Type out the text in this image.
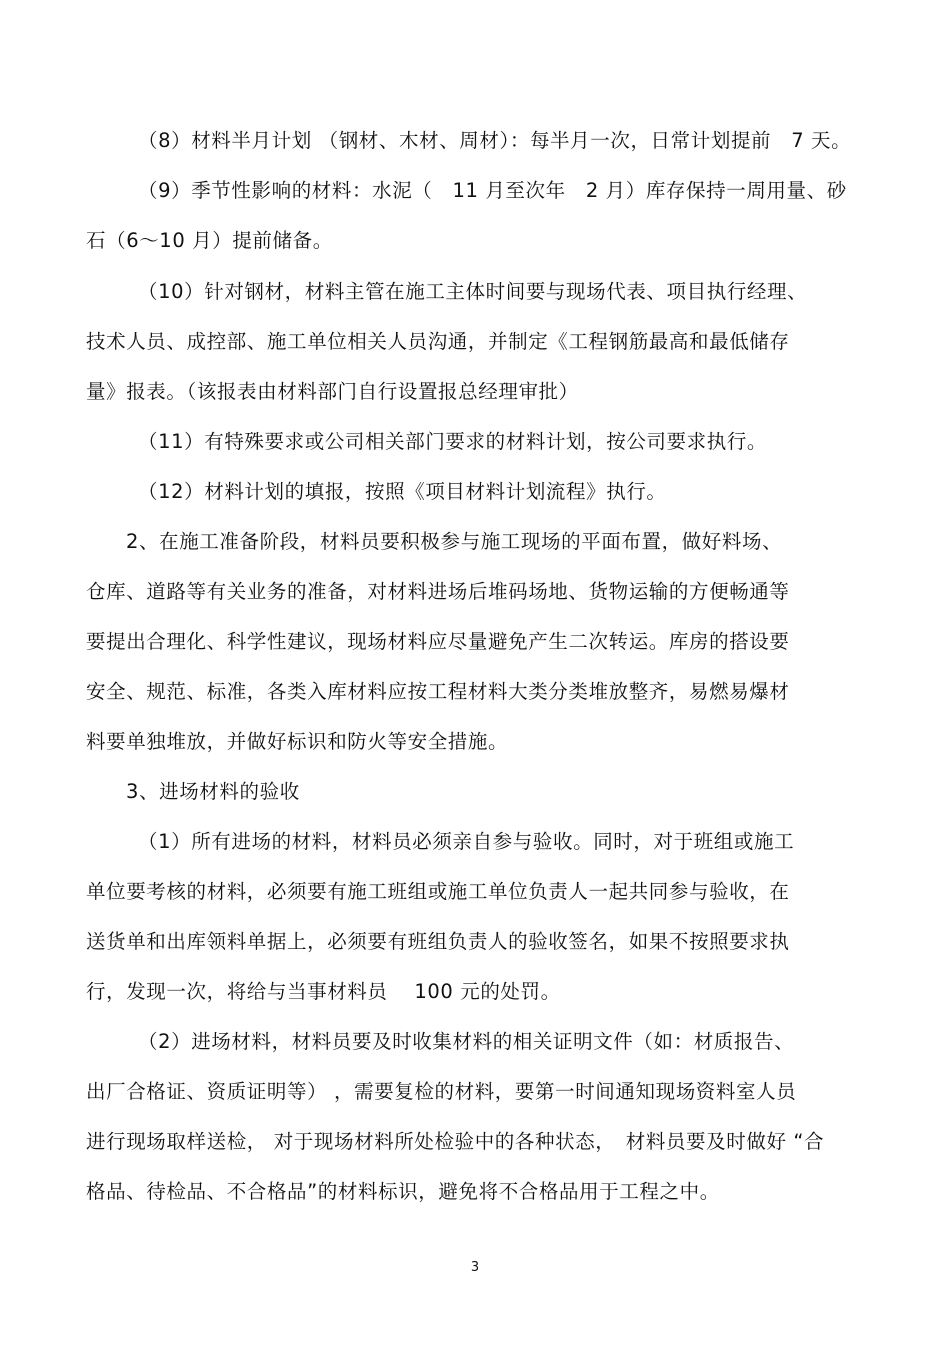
（8）材料半月计划 （钢材、木材、周材）：每半月一次，日常计划提前　7 天。

（9）季节性影响的材料：水泥（　11 月至次年　2 月）库存保持一周用量、砂

石（6～10 月）提前储备。

（10）针对钢材，材料主管在施工主体时间要与现场代表、项目执行经理、

技术人员、成控部、施工单位相关人员沟通，并制定《工程钢筋最高和最低储存

量》报表。（该报表由材料部门自行设置报总经理审批）

（11）有特殊要求或公司相关部门要求的材料计划，按公司要求执行。

（12）材料计划的填报，按照《项目材料计划流程》执行。

2、在施工准备阶段，材料员要积极参与施工现场的平面布置，做好料场、

仓库、道路等有关业务的准备，对材料进场后堆码场地、货物运输的方便畅通等

要提出合理化、科学性建议，现场材料应尽量避免产生二次转运。库房的搭设要

安全、规范、标准，各类入库材料应按工程材料大类分类堆放整齐，易燃易爆材

料要单独堆放，并做好标识和防火等安全措施。

3、进场材料的验收

（1）所有进场的材料，材料员必须亲自参与验收。同时，对于班组或施工

单位要考核的材料，必须要有施工班组或施工单位负责人一起共同参与验收，在

送货单和出库领料单据上，必须要有班组负责人的验收签名，如果不按照要求执

行，发现一次，将给与当事材料员　 100 元的处罚。

（2）进场材料，材料员要及时收集材料的相关证明文件（如：材质报告、

出厂合格证、资质证明等） ，需要复检的材料，要第一时间通知现场资料室人员

进行现场取样送检， 对于现场材料所处检验中的各种状态，　材料员要及时做好 “合

格品、待检品、不合格品”的材料标识，避免将不合格品用于工程之中。

3
